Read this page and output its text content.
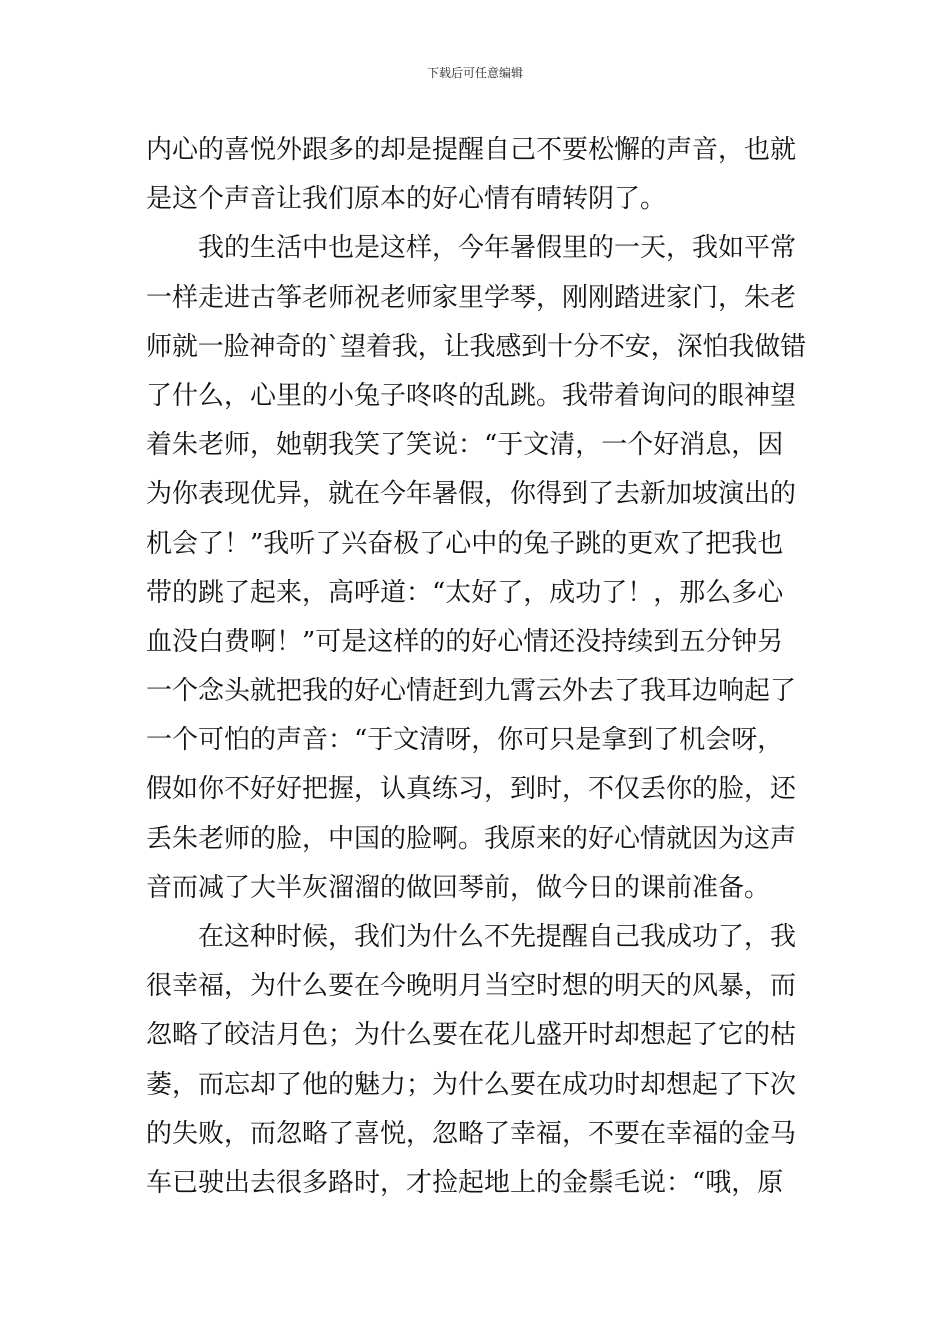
下载后可任意编辑
内心的喜悦外跟多的却是提醒自己不要松懈的声音，也就
是这个声音让我们原本的好心情有晴转阴了。
我的生活中也是这样，今年暑假里的一天，我如平常
一样走进古筝老师祝老师家里学琴，刚刚踏进家门，朱老
师就一脸神奇的`望着我，让我感到十分不安，深怕我做错
了什么，心里的小兔子咚咚的乱跳。我带着询问的眼神望
着朱老师，她朝我笑了笑说：“于文清，一个好消息，因
为你表现优异，就在今年暑假，你得到了去新加坡演出的
机会了！”我听了兴奋极了心中的兔子跳的更欢了把我也
带的跳了起来，高呼道：“太好了，成功了！，那么多心
血没白费啊！”可是这样的的好心情还没持续到五分钟另
一个念头就把我的好心情赶到九霄云外去了我耳边响起了
一个可怕的声音：“于文清呀，你可只是拿到了机会呀，
假如你不好好把握，认真练习，到时，不仅丢你的脸，还
丢朱老师的脸，中国的脸啊。我原来的好心情就因为这声
音而减了大半灰溜溜的做回琴前，做今日的课前准备。
在这种时候，我们为什么不先提醒自己我成功了，我
很幸福，为什么要在今晚明月当空时想的明天的风暴，而
忽略了皎洁月色；为什么要在花儿盛开时却想起了它的枯
萎，而忘却了他的魅力；为什么要在成功时却想起了下次
的失败，而忽略了喜悦，忽略了幸福，不要在幸福的金马
车已驶出去很多路时，才捡起地上的金鬃毛说：“哦，原
